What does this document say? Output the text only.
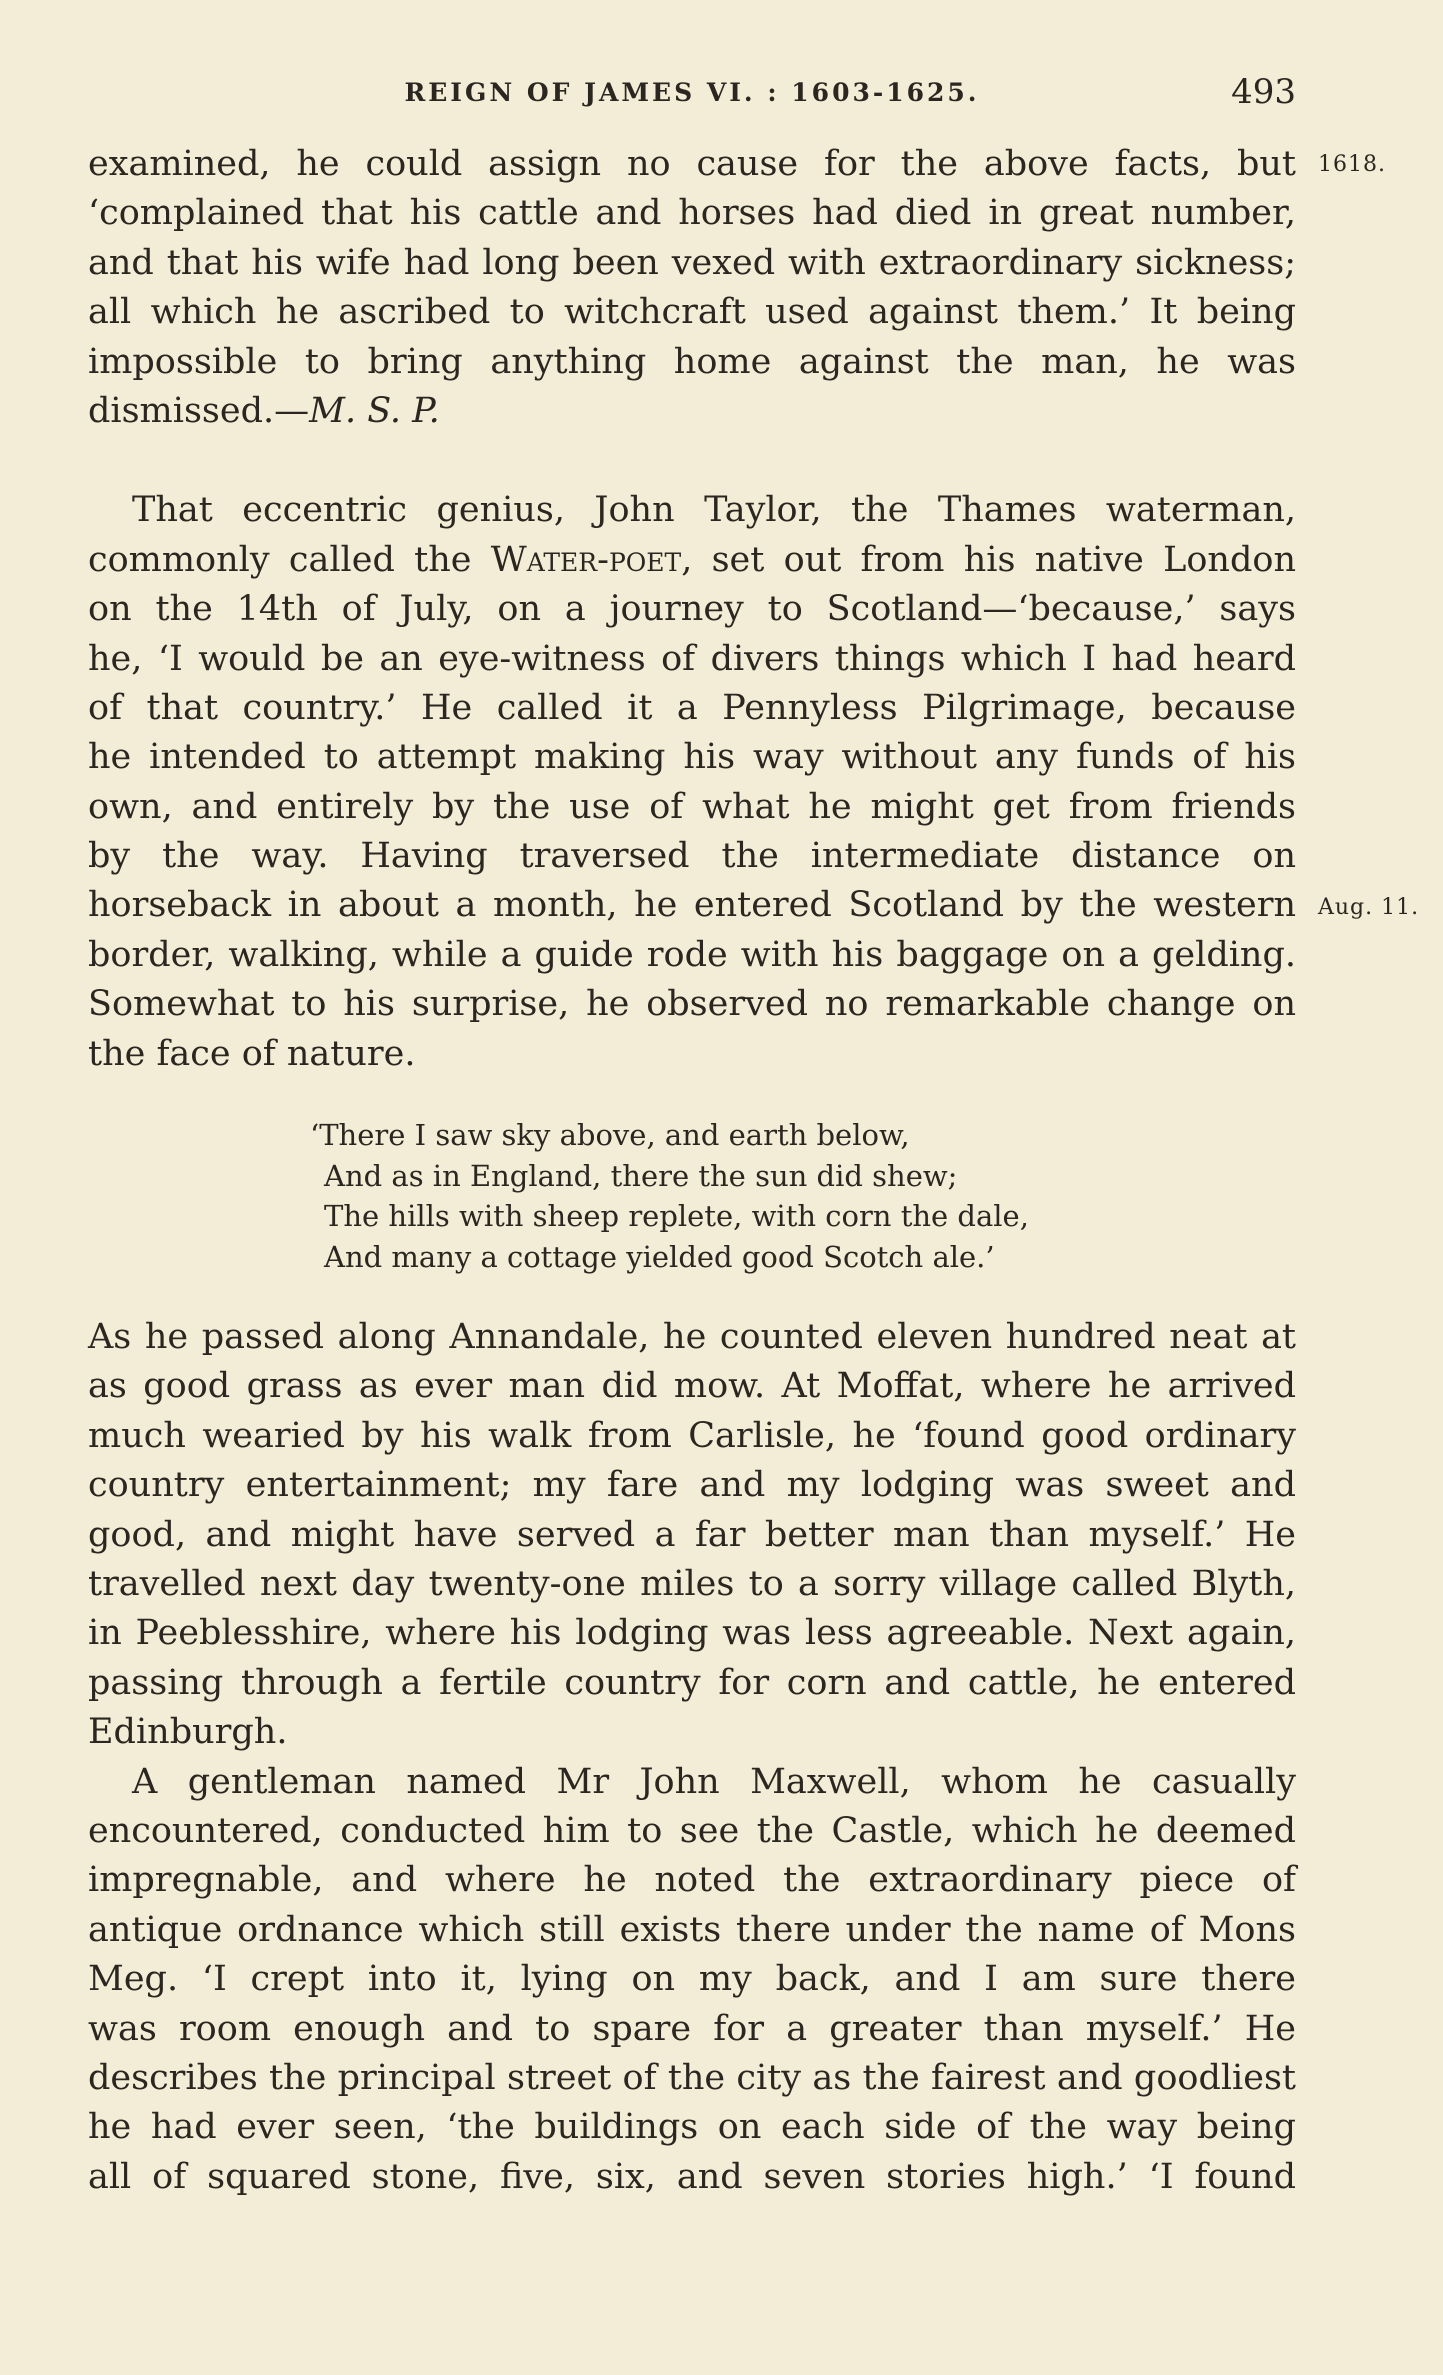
REIGN OF JAMES VI. : 1603-1625.	493
1618.
Aug. 11.
examined, he could assign no cause for the above facts, but
‘complained that his cattle and horses had died in great number,
and that his wife had long been vexed with extraordinary sickness;
all which he ascribed to witchcraft used against them.’ It being
impossible to bring anything home against the man, he was
dismissed.—M. S. P.
That eccentric genius, John Taylor, the Thames waterman,
commonly called the Water-poet, set out from his native London
on the 14th of July, on a journey to Scotland—‘because,’ says
he, ‘I would be an eye-witness of divers things which I had heard
of that country.’ He called it a Pennyless Pilgrimage, because
he intended to attempt making his way without any funds of his
own, and entirely by the use of what he might get from friends
by the way. Having traversed the intermediate distance on
horseback in about a month, he entered Scotland by the western
border, walking, while a guide rode with his baggage on a gelding.
Somewhat to his surprise, he observed no remarkable change on
the face of nature.
‘There I saw sky above, and earth below,
And as in England, there the sun did shew;
The hills with sheep replete, with corn the dale,
And many a cottage yielded good Scotch ale.’
As he passed along Annandale, he counted eleven hundred neat at
as good grass as ever man did mow. At Moffat, where he arrived
much wearied by his walk from Carlisle, he ‘found good ordinary
country entertainment; my fare and my lodging was sweet and
good, and might have served a far better man than myself.’ He
travelled next day twenty-one miles to a sorry village called Blyth,
in Peeblesshire, where his lodging was less agreeable. Next again,
passing through a fertile country for corn and cattle, he entered
Edinburgh.
A gentleman named Mr John Maxwell, whom he casually
encountered, conducted him to see the Castle, which he deemed
impregnable, and where he noted the extraordinary piece of
antique ordnance which still exists there under the name of Mons
Meg. ‘I crept into it, lying on my back, and I am sure there
was room enough and to spare for a greater than myself.’ He
describes the principal street of the city as the fairest and goodliest
he had ever seen, ‘the buildings on each side of the way being
all of squared stone, five, six, and seven stories high.’ ‘I found
